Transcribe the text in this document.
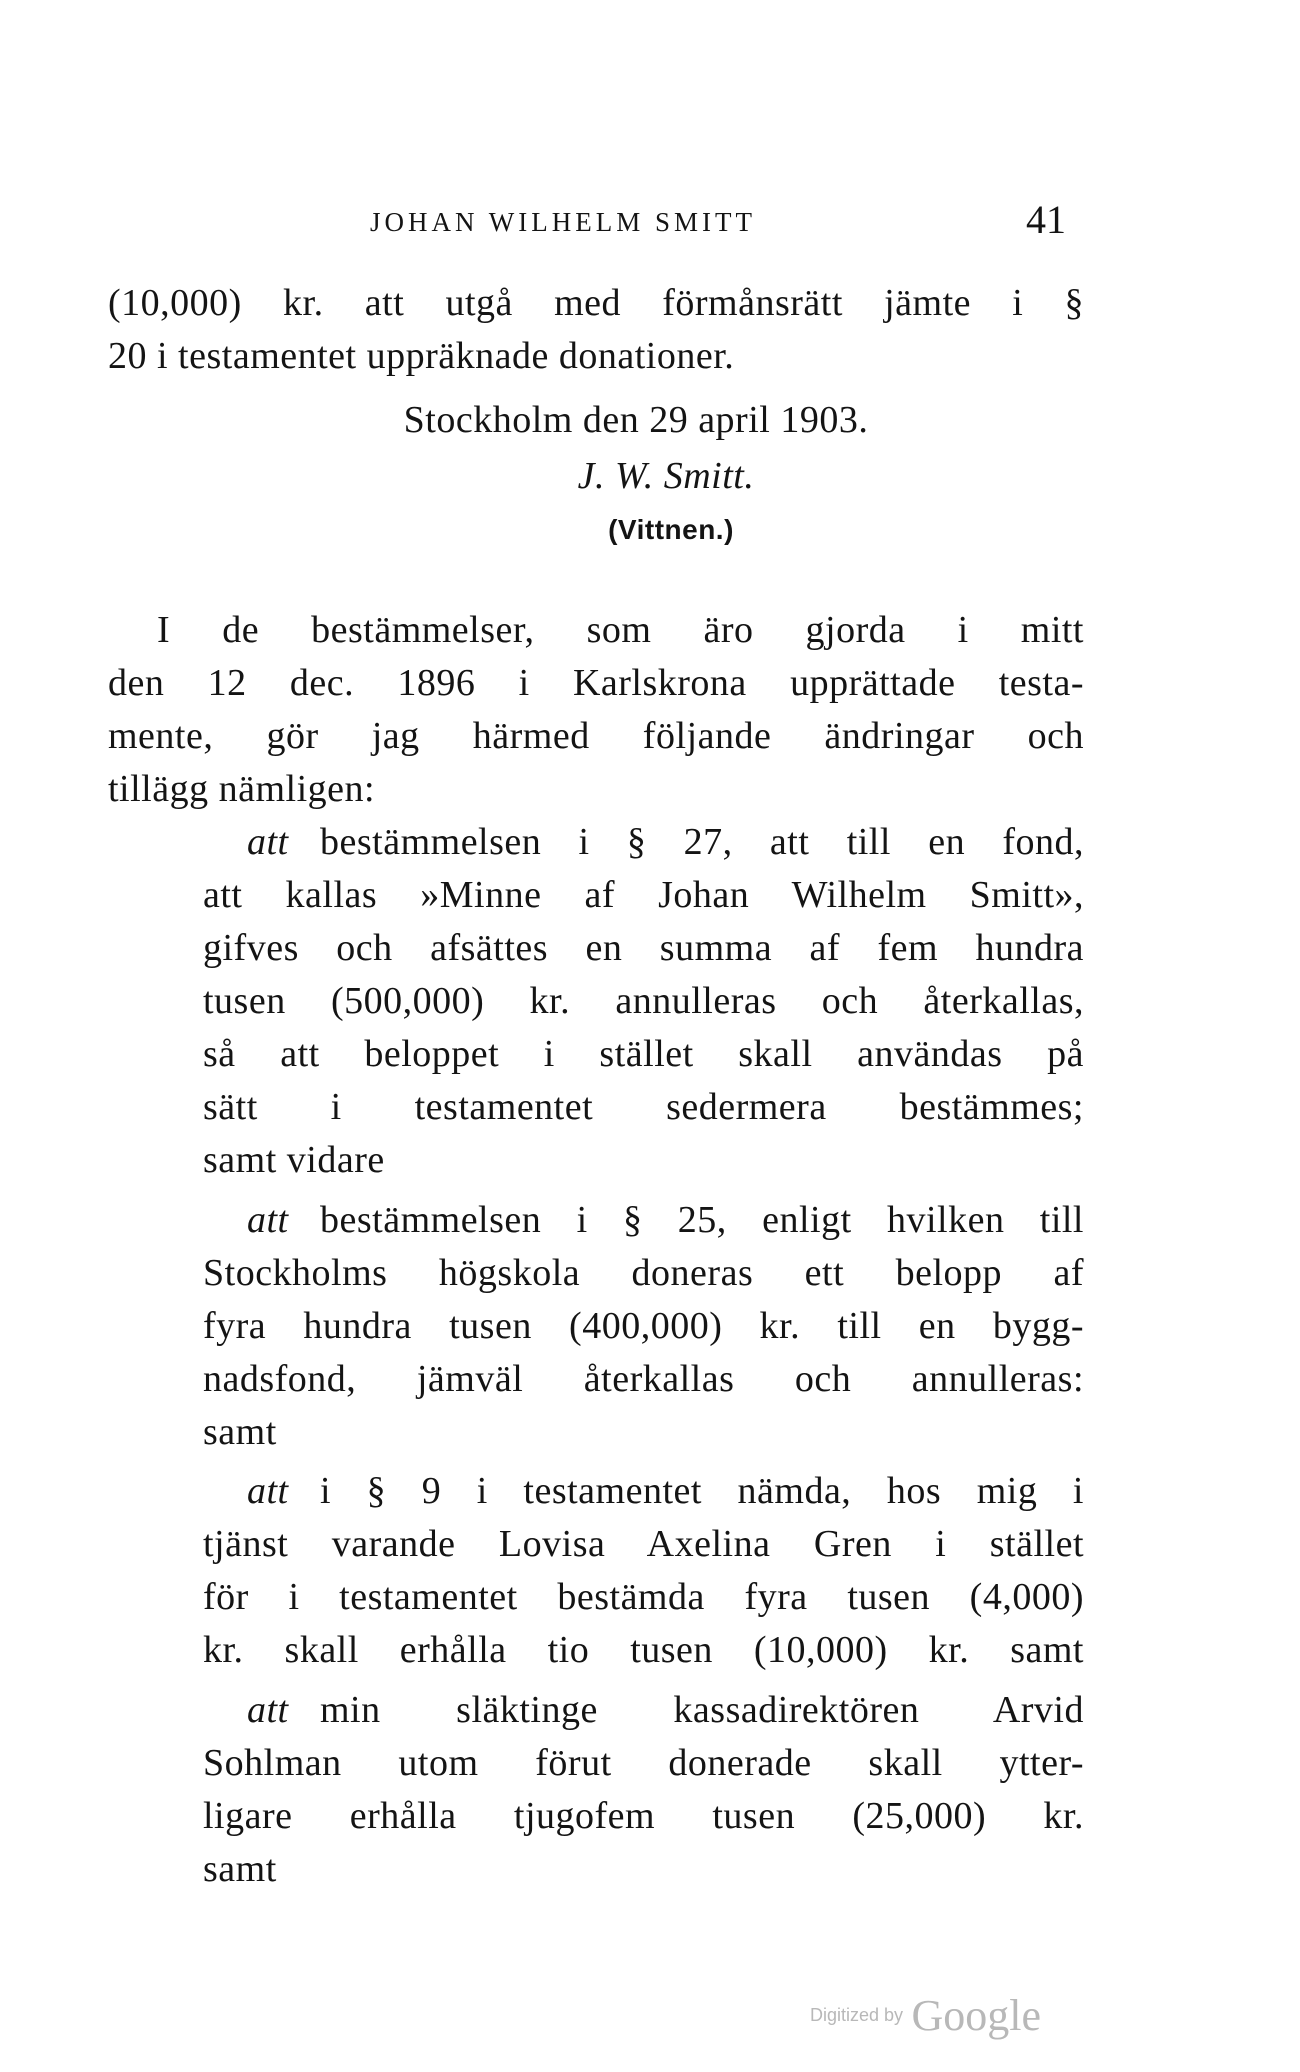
JOHAN WILHELM SMITT	41
(10,000) kr. att utgå med förmånsrätt jämte i §
20 i testamentet uppräknade donationer.
Stockholm den 29 april 1903.
J. W. Smitt.
(Vittnen.)
I de bestämmelser, som äro gjorda i mitt
den 12 dec. 1896 i Karlskrona upprättade testa-
mente, gör jag härmed följande ändringar och
tillägg nämligen:
att bestämmelsen i § 27, att till en fond,
att kallas »Minne af Johan Wilhelm Smitt»,
gifves och afsättes en summa af fem hundra
tusen (500,000) kr. annulleras och återkallas,
så att beloppet i stället skall användas på
sätt i testamentet sedermera bestämmes;
samt vidare
att bestämmelsen i § 25, enligt hvilken till
Stockholms högskola doneras ett belopp af
fyra hundra tusen (400,000) kr. till en bygg-
nadsfond, jämväl återkallas och annulleras:
samt
att i § 9 i testamentet nämda, hos mig i
tjänst varande Lovisa Axelina Gren i stället
för i testamentet bestämda fyra tusen (4,000)
kr. skall erhålla tio tusen (10,000) kr. samt
att min släktinge kassadirektören Arvid
Sohlman utom förut donerade skall ytter-
ligare erhålla tjugofem tusen (25,000) kr.
samt
Digitized by Google
